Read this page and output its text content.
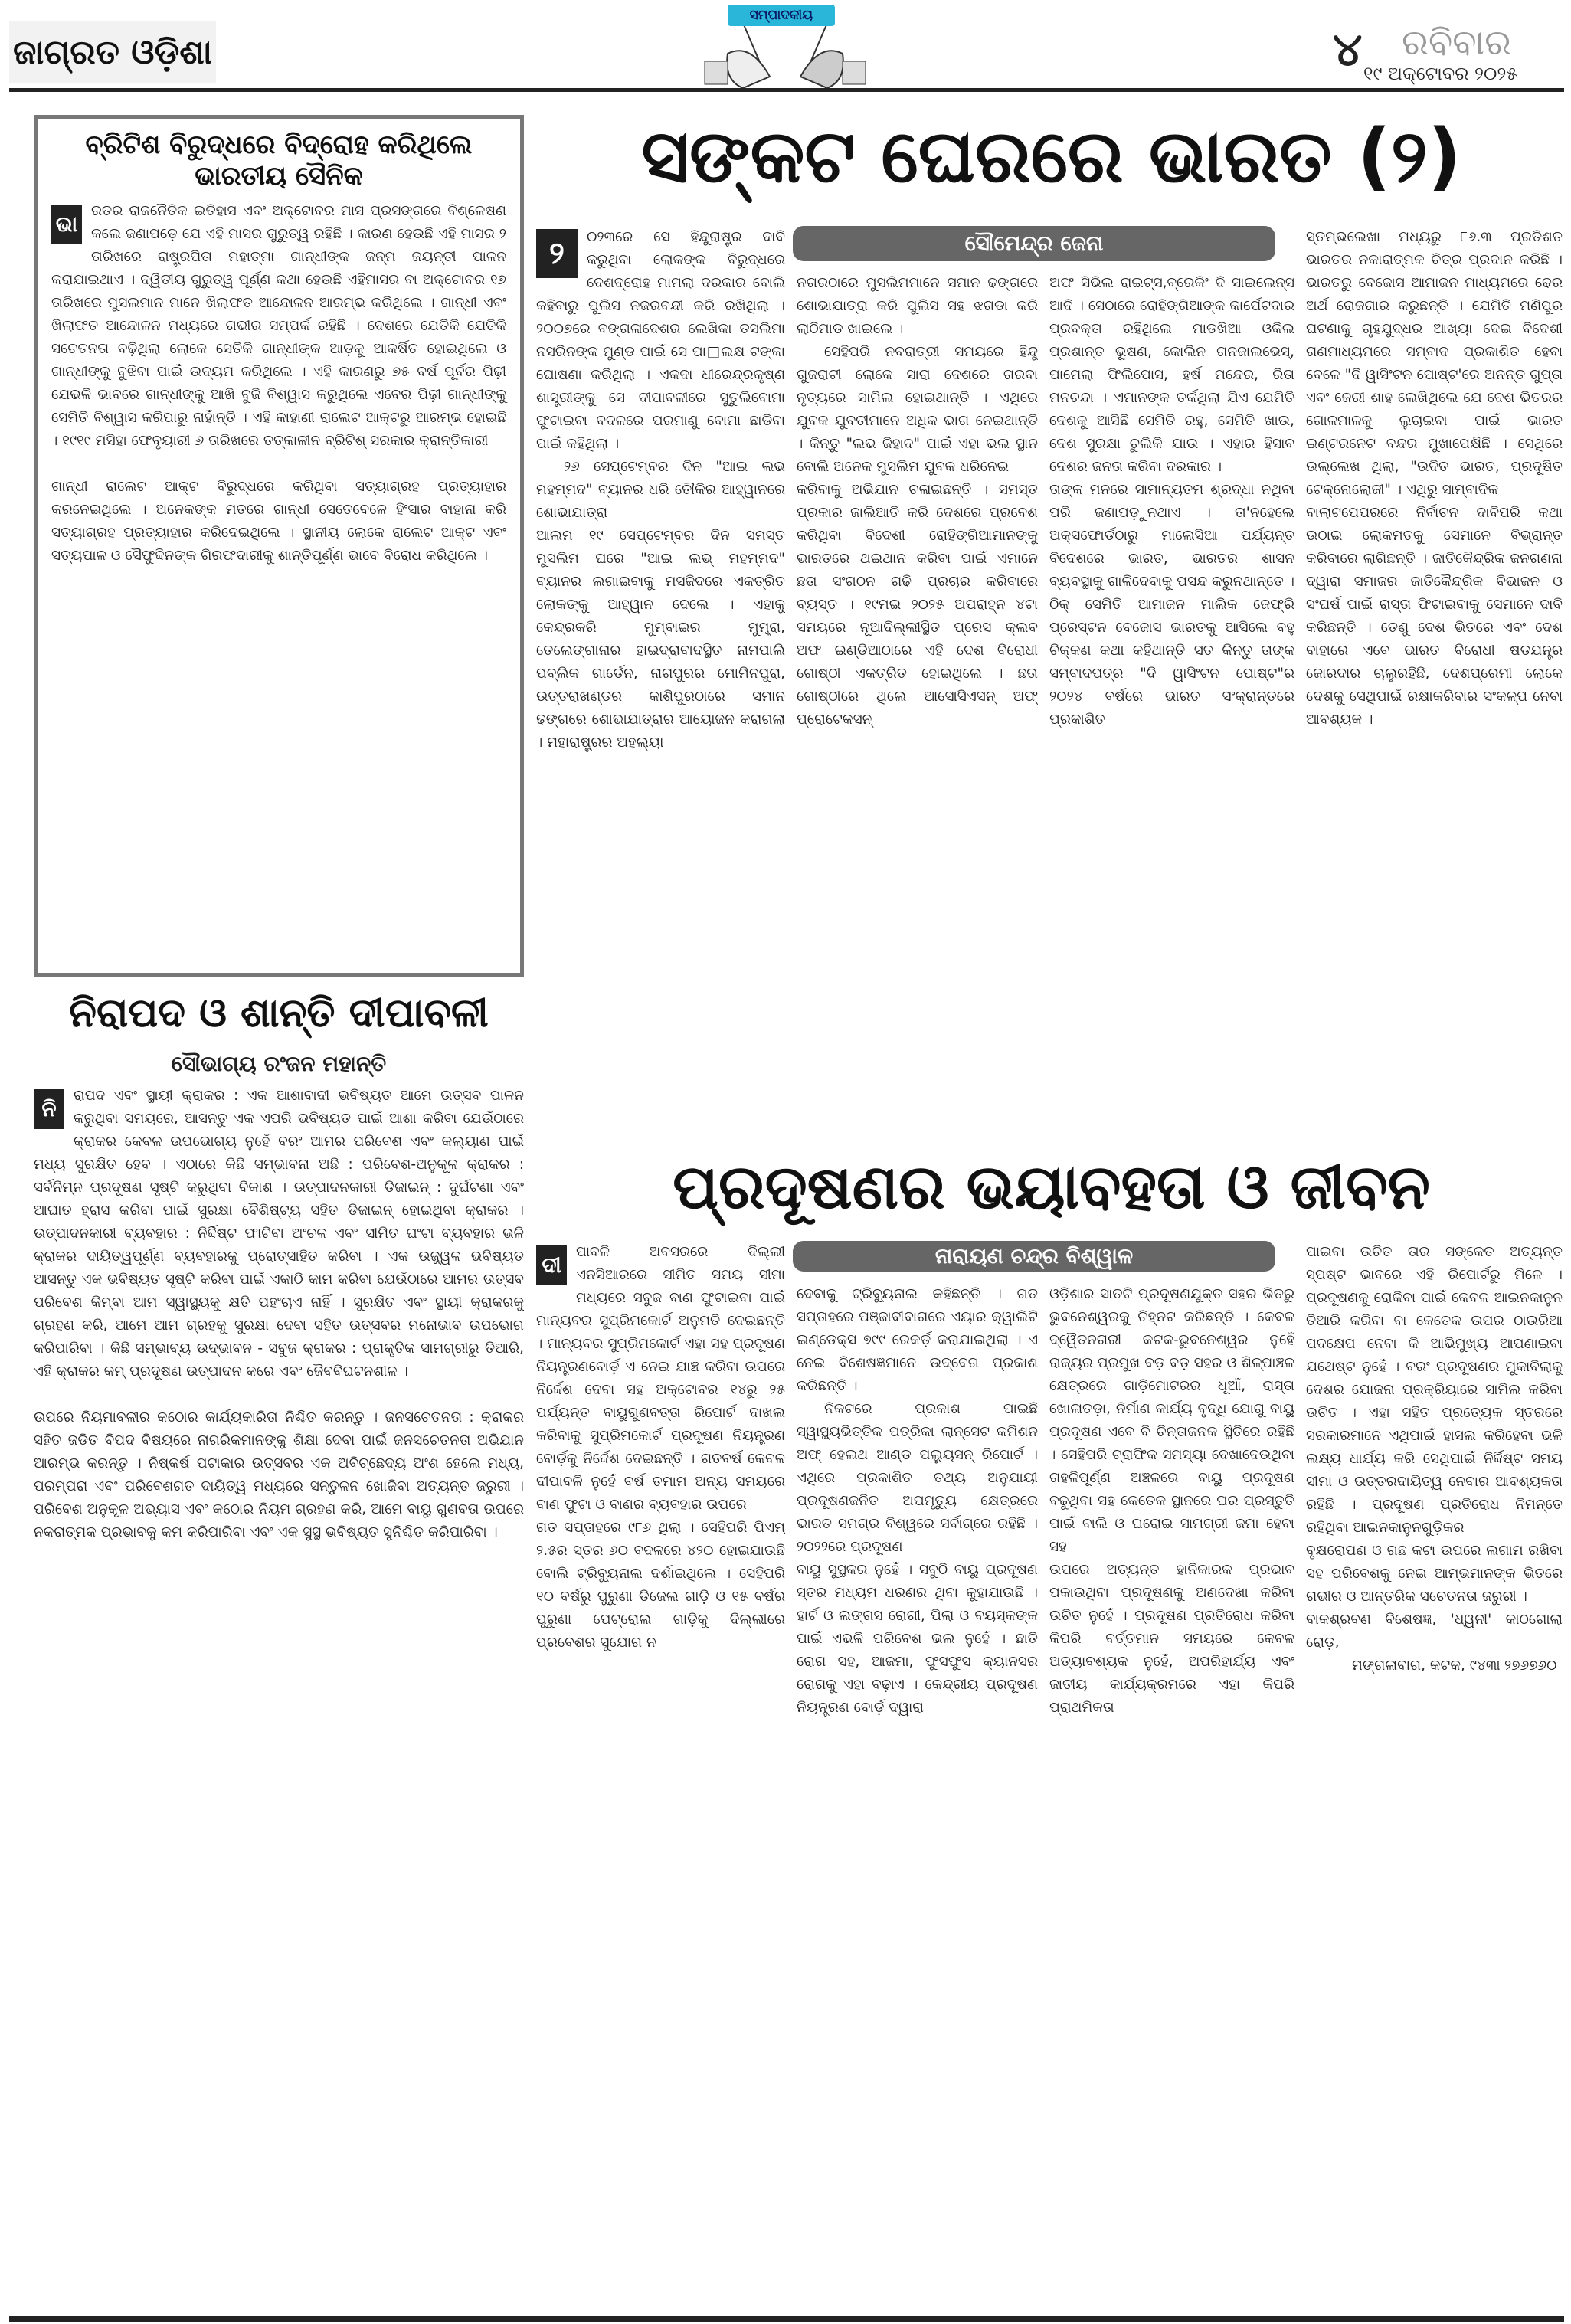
ଜାଗ୍ରତ ଓଡ଼ିଶା
ସମ୍ପାଦକୀୟ
୪ ରବିବାର
୧୯ ଅକ୍ଟୋବର ୨୦୨୫
ବ୍ରିଟିଶ ବିରୁଦ୍ଧରେ ବିଦ୍ରୋହ କରିଥିଲେ ଭାରତୀୟ ସୈନିକ
ଭା
ରତର ରାଜନୈତିକ ଇତିହାସ ଏବଂ ଅକ୍ଟୋବର ମାସ ପ୍ରସଙ୍ଗରେ ବିଶ୍ଳେଷଣ କଲେ ଜଣାପଡ଼େ ଯେ ଏହି ମାସର ଗୁରୁତ୍ୱ ରହିଛି । କାରଣ ହେଉଛି ଏହି ମାସର ୨ ତାରିଖରେ ରାଷ୍ଟ୍ରପିତା ମହାତ୍ମା ଗାନ୍ଧୀଙ୍କ ଜନ୍ମ ଜୟନ୍ତୀ ପାଳନ କରାଯାଇଥାଏ । ଦ୍ୱିତୀୟ ଗୁରୁତ୍ୱ ପୂର୍ଣ୍ଣ କଥା ହେଉଛି ଏହିମାସର ବା ଅକ୍ଟୋବର ୧୭ ତାରିଖରେ ମୁସଲମାନ ମାନେ ଖିଲାଫତ ଆନ୍ଦୋଳନ ଆରମ୍ଭ କରିଥିଲେ । ଗାନ୍ଧୀ ଏବଂ ଖିଲାଫତ ଆନ୍ଦୋଳନ ମଧ୍ୟରେ ଗଭୀର ସମ୍ପର୍କ ରହିଛି । ଦେଶରେ ଯେତିକି ଯେତିକି ସଚେତନତା ବଢ଼ିଥିଲା ଲୋକେ ସେତିକି ଗାନ୍ଧୀଙ୍କ ଆଡ଼କୁ ଆକର୍ଷିତ ହୋଇଥିଲେ ଓ ଗାନ୍ଧୀଙ୍କୁ ବୁଝିବା ପାଇଁ ଉଦ୍ୟମ କରିଥିଲେ । ଏହି କାରଣରୁ ୭୫ ବର୍ଷ ପୂର୍ବର ପିଢ଼ୀ ଯେଭଳି ଭାବରେ ଗାନ୍ଧୀଙ୍କୁ ଆଖି ବୁଜି ବିଶ୍ୱାସ କରୁଥିଲେ ଏବେର ପିଢ଼ୀ ଗାନ୍ଧୀଙ୍କୁ ସେମିତି ବିଶ୍ୱାସ କରିପାରୁ ନାହାଁନ୍ତି । ଏହି କାହାଣୀ ରାଲେଟ ଆକ୍ଟରୁ ଆରମ୍ଭ ହୋଇଛି । ୧୯୧୯ ମସିହା ଫେବୃୟାରୀ ୬ ତାରିଖରେ ତତ୍କାଳୀନ ବ୍ରିଟିଶ୍ ସରକାର କ୍ରାନ୍ତିକାରୀ
ଗାନ୍ଧୀ ରାଲେଟ ଆକ୍ଟ ବିରୁଦ୍ଧରେ କରିଥିବା ସତ୍ୟାଗ୍ରହ ପ୍ରତ୍ୟାହାର କରନେଇଥିଲେ । ଅନେକଙ୍କ ମତରେ ଗାନ୍ଧୀ ସେତେବେଳେ ହିଂସାର ବାହାନା କରି ସତ୍ୟାଗ୍ରହ ପ୍ରତ୍ୟାହାର କରିଦେଇଥିଲେ । ସ୍ଥାନୀୟ ଲୋକେ ରାଲେଟ ଆକ୍ଟ ଏବଂ ସତ୍ୟପାଳ ଓ ସୈଫୁଦ୍ଦିନଙ୍କ ଗିରଫଦାରୀକୁ ଶାନ୍ତିପୂର୍ଣ୍ଣ ଭାବେ ବିରୋଧ କରିଥିଲେ ।
ନିରାପଦ ଓ ଶାନ୍ତି ଦୀପାବଳୀ
ସୌଭାଗ୍ୟ ରଂଜନ ମହାନ୍ତି
ନି
ରାପଦ ଏବଂ ସ୍ଥାୟୀ କ୍ରାକର : ଏକ ଆଶାବାଦୀ ଭବିଷ୍ୟତ ଆମେ ଉତ୍ସବ ପାଳନ କରୁଥିବା ସମୟରେ, ଆସନ୍ତୁ ଏକ ଏପରି ଭବିଷ୍ୟତ ପାଇଁ ଆଶା କରିବା ଯେଉଁଠାରେ କ୍ରାକର କେବଳ ଉପଭୋଗ୍ୟ ନୁହେଁ ବରଂ ଆମର ପରିବେଶ ଏବଂ କଲ୍ୟାଣ ପାଇଁ ମଧ୍ୟ ସୁରକ୍ଷିତ ହେବ । ଏଠାରେ କିଛି ସମ୍ଭାବନା ଅଛି : ପରିବେଶ-ଅନୁକୂଳ କ୍ରାକର : ସର୍ବନିମ୍ନ ପ୍ରଦୂଷଣ ସୃଷ୍ଟି କରୁଥିବା ବିକାଶ । ଉତ୍ପାଦନକାରୀ ଡିଜାଇନ୍ : ଦୁର୍ଘଟଣା ଏବଂ ଆଘାତ ହ୍ରାସ କରିବା ପାଇଁ ସୁରକ୍ଷା ବୈଶିଷ୍ଟ୍ୟ ସହିତ ଡିଜାଇନ୍ ହୋଇଥିବା କ୍ରାକର । ଉତ୍ପାଦନକାରୀ ବ୍ୟବହାର : ନିର୍ଦ୍ଦିଷ୍ଟ ଫାଟିବା ଅଂଚଳ ଏବଂ ସୀମିତ ଘଂଟା ବ୍ୟବହାର ଭଳି କ୍ରାକର ଦାୟିତ୍ୱପୂର୍ଣ୍ଣ ବ୍ୟବହାରକୁ ପ୍ରୋତ୍ସାହିତ କରିବା । ଏକ ଉଜ୍ଜ୍ୱଳ ଭବିଷ୍ୟତ ଆସନ୍ତୁ ଏକ ଭବିଷ୍ୟତ ସୃଷ୍ଟି କରିବା ପାଇଁ ଏକାଠି କାମ କରିବା ଯେଉଁଠାରେ ଆମର ଉତ୍ସବ ପରିବେଶ କିମ୍ବା ଆମ ସ୍ୱାସ୍ଥ୍ୟକୁ କ୍ଷତି ପହଂଚାଏ ନାହିଁ । ସୁରକ୍ଷିତ ଏବଂ ସ୍ଥାୟୀ କ୍ରାକରକୁ ଗ୍ରହଣ କରି, ଆମେ ଆମ ଗ୍ରହକୁ ସୁରକ୍ଷା ଦେବା ସହିତ ଉତ୍ସବର ମନୋଭାବ ଉପଭୋଗ କରିପାରିବା । କିଛି ସମ୍ଭାବ୍ୟ ଉଦ୍ଭାବନ - ସବୁଜ କ୍ରାକର : ପ୍ରାକୃତିକ ସାମଗ୍ରୀରୁ ତିଆରି, ଏହି କ୍ରାକର କମ୍ ପ୍ରଦୂଷଣ ଉତ୍ପାଦନ କରେ ଏବଂ ଜୈବବିଘଟନଶୀଳ ।
ଉପରେ ନିୟମାବଳୀର କଠୋର କାର୍ଯ୍ୟକାରିତା ନିଶ୍ଚିତ କରନ୍ତୁ । ଜନସଚେତନତା : କ୍ରାକର ସହିତ ଜଡିତ ବିପଦ ବିଷୟରେ ନାଗରିକମାନଙ୍କୁ ଶିକ୍ଷା ଦେବା ପାଇଁ ଜନସଚେତନତା ଅଭିଯାନ ଆରମ୍ଭ କରନ୍ତୁ । ନିଷ୍କର୍ଷ ପଟାକାର ଉତ୍ସବର ଏକ ଅବିଚ୍ଛେଦ୍ୟ ଅଂଶ ହେଲେ ମଧ୍ୟ, ପରମ୍ପରା ଏବଂ ପରିବେଶଗତ ଦାୟିତ୍ୱ ମଧ୍ୟରେ ସନ୍ତୁଳନ ଖୋଜିବା ଅତ୍ୟନ୍ତ ଜରୁରୀ । ପରିବେଶ ଅନୁକୂଳ ଅଭ୍ୟାସ ଏବଂ କଠୋର ନିୟମ ଗ୍ରହଣ କରି, ଆମେ ବାୟୁ ଗୁଣବତା ଉପରେ ନକରାତ୍ମକ ପ୍ରଭାବକୁ କମ କରିପାରିବା ଏବଂ ଏକ ସୁସ୍ଥ ଭବିଷ୍ୟତ ସୁନିଶ୍ଚିତ କରିପାରିବା ।
ସଙ୍କଟ ଘେରରେ ଭାରତ (୨)
ସୌମେନ୍ଦ୍ର ଜେନା
୨	୦୨୩ରେ ସେ ହିନ୍ଦୁରାଷ୍ଟ୍ର ଦାବି କରୁଥିବା ଲୋକଙ୍କ ବିରୁଦ୍ଧରେ ଦେଶଦ୍ରୋହ ମାମଲା ଦରକାର ବୋଲି କହିବାରୁ ପୁଲିସ ନଜରବନ୍ଦୀ କରି ରଖିଥିଲା । ୨୦୦୭ରେ ବଙ୍ଗଳାଦେଶର ଲେଖିକା ତସଲିମା ନସରିନଙ୍କ ମୁଣ୍ଡ ପାଇଁ ସେ ପା□ଲକ୍ଷ ଟଙ୍କା ଘୋଷଣା କରିଥିଲା । ଏକଦା ଧୀରେନ୍ଦ୍ରକୃଷ୍ଣ ଶାସ୍ତ୍ରୀଙ୍କୁ ସେ ଦୀପାବଳୀରେ ସୁତୁଲିବୋମା ଫୁଟାଇବା ବଦଳରେ ପରମାଣୁ ବୋମା ଛାଡିବା ପାଇଁ କହିଥିଲା ।

୨୬ ସେପ୍ଟେମ୍ବର ଦିନ "ଆଇ ଲଭ ମହମ୍ମଦ" ବ୍ୟାନର ଧରି ତୌକିର ଆହ୍ୱାନରେ ଶୋଭାଯାତ୍ରା

ଆଲମ ୧୯ ସେପ୍ଟେମ୍ବର ଦିନ ସମସ୍ତ ମୁସଲିମ ଘରେ "ଆଇ ଲଭ୍ ମହମ୍ମଦ" ବ୍ୟାନର ଲଗାଇବାକୁ ମସଜିଦରେ ଏକତ୍ରିତ ଲୋକଙ୍କୁ ଆହ୍ୱାନ ଦେଲେ । ଏହାକୁ କେନ୍ଦ୍ରକରି ମୁମ୍ବାଇର ମୁମ୍ବ୍ରା, ତେଲେଙ୍ଗାନାର ହାଇଦ୍ରାବାଦସ୍ଥିତ ନାମପାଲି ପବ୍ଲିକ ଗାର୍ଡେନ, ନାଗପୁରର ମୋମିନପୁରା, ଉତ୍ତରାଖଣ୍ଡର କାଶିପୁରଠାରେ ସମାନ ଢଙ୍ଗରେ ଶୋଭାଯାତ୍ରାର ଆୟୋଜନ କରାଗଲା । ମହାରାଷ୍ଟ୍ରର ଅହଲ୍ୟା

ନଗରଠାରେ ମୁସଲିମମାନେ ସମାନ ଢଙ୍ଗରେ ଶୋଭାଯାତ୍ରା କରି ପୁଲିସ ସହ ଝଗଡା କରି ଲାଠିମାଡ ଖାଇଲେ ।

ସେହିପରି ନବରାତ୍ରୀ ସମୟରେ ହିନ୍ଦୁ ଗୁଜରାଟୀ ଲୋକେ ସାରା ଦେଶରେ ଗରବା ନୃତ୍ୟରେ ସାମିଲ ହୋଇଥାନ୍ତି । ଏଥିରେ ଯୁବକ ଯୁବତୀମାନେ ଅଧିକ ଭାଗ ନେଇଥାନ୍ତି । କିନ୍ତୁ "ଲଭ ଜିହାଦ" ପାଇଁ ଏହା ଭଲ ସ୍ଥାନ ବୋଲି ଅନେକ ମୁସଲିମ ଯୁବକ ଧରିନେଇ

କରିବାକୁ ଅଭିଯାନ ଚଳାଇଛନ୍ତି । ସମସ୍ତ ପ୍ରକାର ଜାଲିଆତି କରି ଦେଶରେ ପ୍ରବେଶ କରିଥିବା ବିଦେଶୀ ରୋହିଙ୍ଗିଆମାନଙ୍କୁ ଭାରତରେ ଥଇଥାନ କରିବା ପାଇଁ ଏମାନେ ଛତା ସଂଗଠନ ଗଢି ପ୍ରଚାର କରିବାରେ ବ୍ୟସ୍ତ । ୧୯ମଇ ୨୦୨୫ ଅପରାହ୍ନ ୪ଟା ସମୟରେ ନୂଆଦିଲ୍ଲୀସ୍ଥିତ ପ୍ରେସ କ୍ଲବ ଅଫ ଇଣ୍ଡିଆଠାରେ ଏହି ଦେଶ ବିରୋଧୀ ଗୋଷ୍ଠୀ ଏକତ୍ରିତ ହୋଇଥିଲେ । ଛତା ଗୋଷ୍ଠୀରେ ଥିଲେ ଆସୋସିଏସନ୍ ଅଫ୍ ପ୍ରୋଟେକସନ୍

ଅଫ ସିଭିଲ ରାଇଟ୍ସ,ବ୍ରେକିଂ ଦି ସାଇଲେନ୍ସ ଆଦି । ସେଠାରେ ରୋହିଙ୍ଗିଆଙ୍କ କାର୍ପେଟଦାର ପ୍ରବକ୍ତା ରହିଥିଲେ ମାଡଖିଆ ଓକିଲ ପ୍ରଶାନ୍ତ ଭୂଷଣ, କୋଲିନ ଗନଜାଲଭେସ୍, ପାମେଲା ଫିଲିପୋସ, ହର୍ଷ ମନ୍ଦେର, ରିତା ମନଚନ୍ଦା । ଏମାନଙ୍କ ତର୍କଥିଲା ଯିଏ ଯେମିତି ଦେଶକୁ ଆସିଛି ସେମିତି ରହୁ, ସେମିତି ଖାଉ, ଦେଶ ସୁରକ୍ଷା ଚୁଲିକି ଯାଉ । ଏହାର ହିସାବ ଦେଶର ଜନତା କରିବା ଦରକାର ।

ତାଙ୍କ ମନରେ ସାମାନ୍ୟତମ ଶ୍ରଦ୍ଧା ନଥିବା ପରି ଜଣାପଡ଼ୁନଥାଏ । ତା'ନହେଲେ ଅକ୍ସଫୋର୍ଡଠାରୁ ମାଲେସିଆ ପର୍ଯ୍ୟନ୍ତ ବିଦେଶରେ ଭାରତ, ଭାରତର ଶାସନ ବ୍ୟବସ୍ଥାକୁ ଗାଳିଦେବାକୁ ପସନ୍ଦ କରୁନଥାନ୍ତେ । ଠିକ୍ ସେମିତି ଆମାଜନ ମାଲିକ ଜେଫ୍ରି ପ୍ରେସ୍ଟନ ବେଜୋସ ଭାରତକୁ ଆସିଲେ ବହୁ ଚିକ୍କଣ କଥା କହିଥାନ୍ତି ସତ କିନ୍ତୁ ତାଙ୍କ ସମ୍ବାଦପତ୍ର "ଦି ୱାସିଂଟନ ପୋଷ୍ଟ"ର ୨୦୨୪ ବର୍ଷରେ ଭାରତ ସଂକ୍ରାନ୍ତରେ ପ୍ରକାଶିତ

ସ୍ତମ୍ଭଲେଖା ମଧ୍ୟରୁ ୮୬.୩ ପ୍ରତିଶତ ଭାରତର ନକାରାତ୍ମକ ଚିତ୍ର ପ୍ରଦାନ କରିଛି । ଭାରତରୁ ବେଜୋସ ଆମାଜନ ମାଧ୍ୟମରେ ଢେର ଅର୍ଥ ରୋଜଗାର କରୁଛନ୍ତି । ଯେମିତି ମଣିପୁର ଘଟଣାକୁ ଗୃହଯୁଦ୍ଧର ଆଖ୍ୟା ଦେଇ ବିଦେଶୀ ଗଣମାଧ୍ୟମରେ ସମ୍ବାଦ ପ୍ରକାଶିତ ହେବା ବେଳେ "ଦି ୱାସିଂଟନ ପୋଷ୍ଟ'ରେ ଅନନ୍ତ ଗୁପ୍ତା ଏବଂ ଜେରୀ ଶାହ ଲେଖିଥିଲେ ଯେ ଦେଶ ଭିତରର ଗୋଳମାଳକୁ ଲୁଚାଇବା ପାଇଁ ଭାରତ ଇଣ୍ଟରନେଟ ବନ୍ଦର ମୁଖାପେକ୍ଷିଛି । ସେଥିରେ ଉଲ୍ଲେଖ ଥିଲା, "ଉଦିତ ଭାରତ, ପ୍ରଦୂଷିତ ଟେକ୍ନୋଲୋଜୀ" । ଏଥିରୁ ସାମ୍ବାଦିକ

ବାଲାଟପେପରରେ ନିର୍ବାଚନ ଦାବିପରି କଥା ଉଠାଇ ଲୋକମତକୁ ସେମାନେ ବିଭ୍ରାନ୍ତ କରିବାରେ ଲାଗିଛନ୍ତି । ଜାତିକୈନ୍ଦ୍ରିକ ଜନଗଣନା ଦ୍ୱାରା ସମାଜର ଜାତିକୈନ୍ଦ୍ରିକ ବିଭାଜନ ଓ ସଂଘର୍ଷ ପାଇଁ ରାସ୍ତା ଫିଟାଇବାକୁ ସେମାନେ ଦାବି କରିଛନ୍ତି । ତେଣୁ ଦେଶ ଭିତରେ ଏବଂ ଦେଶ ବାହାରେ ଏବେ ଭାରତ ବିରୋଧୀ ଷଡଯନ୍ତ୍ର ଜୋରଦାର ଚାଲୁରହିଛି, ଦେଶପ୍ରେମୀ ଲୋକେ ଦେଶକୁ ସେଥିପାଇଁ ରକ୍ଷାକରିବାର ସଂକଳ୍ପ ନେବା ଆବଶ୍ୟକ ।

ପ୍ରଦୂଷଣର ଭୟାବହତା ଓ ଜୀବନ
ନାରାୟଣ ଚନ୍ଦ୍ର ବିଶ୍ୱାଳ
ଦୀ

ପାବଳି ଅବସରରେ ଦିଲ୍ଲୀ ଏନସିଆରରେ ସୀମିତ ସମୟ ସୀମା ମଧ୍ୟରେ ସବୁଜ ବାଣ ଫୁଟାଇବା ପାଇଁ ମାନ୍ୟବର ସୁପ୍ରିମକୋର୍ଟ ଅନୁମତି ଦେଇଛନ୍ତି । ମାନ୍ୟବର ସୁପ୍ରିମକୋର୍ଟ ଏହା ସହ ପ୍ରଦୂଷଣ ନିୟନ୍ତ୍ରଣବୋର୍ଡ଼ ଏ ନେଇ ଯାଞ୍ଚ କରିବା ଉପରେ ନିର୍ଦ୍ଦେଶ ଦେବା ସହ ଅକ୍ଟୋବର ୧୪ରୁ ୨୫ ପର୍ଯ୍ୟନ୍ତ ବାୟୁଗୁଣବତ୍ତା ରିପୋର୍ଟ ଦାଖଲ କରିବାକୁ ସୁପ୍ରିମକୋର୍ଟ ପ୍ରଦୂଷଣ ନିୟନ୍ତ୍ରଣ ବୋର୍ଡ଼କୁ ନିର୍ଦ୍ଦେଶ ଦେଇଛନ୍ତି । ଗତବର୍ଷ କେବଳ ଦୀପାବଳି ନୁହେଁ ବର୍ଷ ତମାମ ଅନ୍ୟ ସମୟରେ ବାଣ ଫୁଟା ଓ ବାଣର ବ୍ୟବହାର ଉପରେ

ଗତ ସପ୍ତାହରେ ୯୮୬ ଥିଲା । ସେହିପରି ପିଏମ୍ ୨.୫ର ସ୍ତର ୬୦ ବଦଳରେ ୪୨୦ ହୋଇଯାଉଛି ବୋଲି ଟ୍ରିବ୍ୟୁନାଲ ଦର୍ଶାଇଥିଲେ । ସେହିପରି ୧୦ ବର୍ଷରୁ ପୁରୁଣା ଡିଜେଲ ଗାଡ଼ି ଓ ୧୫ ବର୍ଷର ପୁରୁଣା ପେଟ୍ରୋଲ ଗାଡ଼ିକୁ ଦିଲ୍ଲୀରେ ପ୍ରବେଶର ସୁଯୋଗ ନ

ଦେବାକୁ ଟ୍ରିବ୍ୟୁନାଲ କହିଛନ୍ତି । ଗତ ସପ୍ତାହରେ ପଞ୍ଜାବୀବାଗରେ ଏୟାର କ୍ୱାଲିଟି ଇଣ୍ଡେକ୍ସ ୭୯୯ ରେକର୍ଡ଼ କରାଯାଇଥିଲା । ଏ ନେଇ ବିଶେଷଜ୍ଞମାନେ ଉଦ୍‌ବେଗ ପ୍ରକାଶ କରିଛନ୍ତି ।

ନିକଟରେ ପ୍ରକାଶ ପାଇଛି ସ୍ୱାସ୍ଥ୍ୟଭିତ୍ତିକ ପତ୍ରିକା ଲାନ୍‌ସେଟ କମିଶନ ଅଫ୍ ହେଲଥ ଆଣ୍ଡ ପଲ୍ୟୁସନ୍ ରିପୋର୍ଟ । ଏଥିରେ ପ୍ରକାଶିତ ତଥ୍ୟ ଅନୁଯାୟୀ ପ୍ରଦୂଷଣଜନିତ ଅପମୃତ୍ୟୁ କ୍ଷେତ୍ରରେ ଭାରତ ସମଗ୍ର ବିଶ୍ୱରେ ସର୍ବାଗ୍ରେ ରହିଛି । ୨୦୨୨ରେ ପ୍ରଦୂଷଣ

ବାୟୁ ସୁସ୍ଥକର ନୁହେଁ । ସବୁଠି ବାୟୁ ପ୍ରଦୂଷଣ ସ୍ତର ମଧ୍ୟମ ଧରଣର ଥିବା କୁହାଯାଉଛି । ହାର୍ଟ ଓ ଲଙ୍ଗସ ରୋଗୀ, ପିଲା ଓ ବୟସ୍କଙ୍କ ପାଇଁ ଏଭଳି ପରିବେଶ ଭଲ ନୁହେଁ । ଛାତି ରୋଗ ସହ, ଆଜମା, ଫୁସଫୁସ କ୍ୟାନସର ରୋଗକୁ ଏହା ବଢ଼ାଏ । କେନ୍ଦ୍ରୀୟ ପ୍ରଦୂଷଣ ନିୟନ୍ତ୍ରଣ ବୋର୍ଡ଼ ଦ୍ୱାରା

ଓଡ଼ିଶାର ସାତଟି ପ୍ରଦୂଷଣଯୁକ୍ତ ସହର ଭିତରୁ ଭୁବନେଶ୍ୱରକୁ ଚିହ୍ନଟ କରିଛନ୍ତି । କେବଳ ଦ୍ୱୈତନଗରୀ କଟକ-ଭୁବନେଶ୍ୱର ନୁହେଁ ରାଜ୍ୟର ପ୍ରମୁଖ ବଡ଼ ବଡ଼ ସହର ଓ ଶିଳ୍ପାଞ୍ଚଳ କ୍ଷେତ୍ରରେ ଗାଡ଼ିମୋଟରର ଧୂଆଁ, ରାସ୍ତା ଖୋଳାତଡ଼ା, ନିର୍ମାଣ କାର୍ଯ୍ୟ ବୃଦ୍ଧି ଯୋଗୁ ବାୟୁ ପ୍ରଦୂଷଣ ଏବେ ବି ଚିନ୍ତାଜନକ ସ୍ଥିତିରେ ରହିଛି । ସେହିପରି ଟ୍ରାଫିକ ସମସ୍ୟା ଦେଖାଦେଉଥିବା ଗହଳିପୂର୍ଣ୍ଣ ଅଞ୍ଚଳରେ ବାୟୁ ପ୍ରଦୂଷଣ ବଢୁଥିବା ସହ କେତେକ ସ୍ଥାନରେ ଘର ପ୍ରସ୍ତୁତି ପାଇଁ ବାଲି ଓ ଘରୋଇ ସାମଗ୍ରୀ ଜମା ହେବା ସହ

ଉପରେ ଅତ୍ୟନ୍ତ ହାନିକାରକ ପ୍ରଭାବ ପକାଉଥିବା ପ୍ରଦୂଷଣକୁ ଅଣଦେଖା କରିବା ଉଚିତ ନୁହେଁ । ପ୍ରଦୂଷଣ ପ୍ରତିରୋଧ କରିବା କିପରି ବର୍ତ୍ତମାନ ସମୟରେ କେବଳ ଅତ୍ୟାବଶ୍ୟକ ନୁହେଁ, ଅପରିହାର୍ଯ୍ୟ ଏବଂ ଜାତୀୟ କାର୍ଯ୍ୟକ୍ରମରେ ଏହା କିପରି ପ୍ରାଥମିକତା

ପାଇବା ଉଚିତ ତାର ସଙ୍କେତ ଅତ୍ୟନ୍ତ ସ୍ପଷ୍ଟ ଭାବରେ ଏହି ରିପୋର୍ଟରୁ ମିଳେ । ପ୍ରଦୂଷଣକୁ ରୋକିବା ପାଇଁ କେବଳ ଆଇନକାନୁନ ତିଆରି କରିବା ବା କେତେକ ଉପର ଠାଉରିଆ ପଦକ୍ଷେପ ନେବା କି ଆଭିମୁଖ୍ୟ ଆପଣାଇବା ଯଥେଷ୍ଟ ନୁହେଁ । ବରଂ ପ୍ରଦୂଷଣର ମୁକାବିଲାକୁ ଦେଶର ଯୋଜନା ପ୍ରକ୍ରିୟାରେ ସାମିଲ କରିବା ଉଚିତ । ଏହା ସହିତ ପ୍ରତ୍ୟେକ ସ୍ତରରେ ସରକାରମାନେ ଏଥିପାଇଁ ହାସଲ କରିହେବା ଭଳି ଲକ୍ଷ୍ୟ ଧାର୍ଯ୍ୟ କରି ସେଥିପାଇଁ ନିର୍ଦ୍ଦିଷ୍ଟ ସମୟ ସୀମା ଓ ଉତ୍ତରଦାୟିତ୍ୱ ନେବାର ଆବଶ୍ୟକତା ରହିଛି । ପ୍ରଦୂଷଣ ପ୍ରତିରୋଧ ନିମନ୍ତେ ରହିଥିବା ଆଇନକାନୁନଗୁଡ଼ିକର

ବୃକ୍ଷରୋପଣ ଓ ଗଛ କଟା ଉପରେ ଲଗାମ ରଖିବା ସହ ପରିବେଶକୁ ନେଇ ଆମ୍ଭମାନଙ୍କ ଭିତରେ ଗଭୀର ଓ ଆନ୍ତରିକ ସଚେତନତା ଜରୁରୀ ।

ବାକଶ୍ରବଣ ବିଶେଷଜ୍ଞ, 'ଧ୍ୱନୀ' କାଠଗୋଲା ରୋଡ଼,

ମଙ୍ଗଳାବାଗ, କଟକ, ୯୪୩୮୨୭୬୭୬୦
